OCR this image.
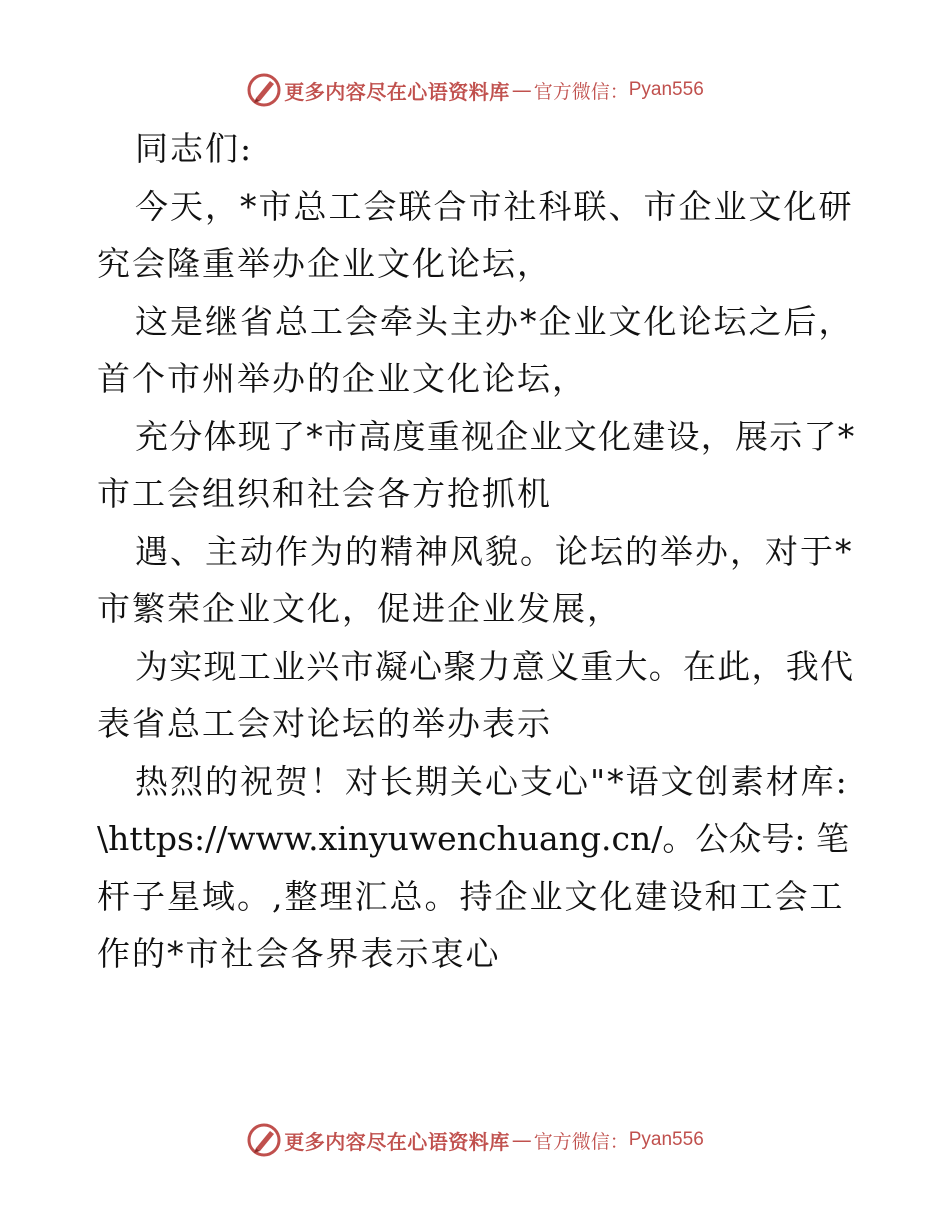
更多内容尽在心语资料库 — 官方微信： Pyan556
同志们:
今天，*市总工会联合市社科联、市企业文化研
究会隆重举办企业文化论坛，
这是继省总工会牵头主办*企业文化论坛之后，
首个市州举办的企业文化论坛，
充分体现了*市高度重视企业文化建设，展示了*
市工会组织和社会各方抢抓机
遇、主动作为的精神风貌。论坛的举办，对于*
市繁荣企业文化，促进企业发展，
为实现工业兴市凝心聚力意义重大。在此，我代
表省总工会对论坛的举办表示
热烈的祝贺！对长期关心支心"*语文创素材库:
\https://www.xinyuwenchuang.cn/。公众号: 笔
杆子星域。,整理汇总。持企业文化建设和工会工
作的*市社会各界表示衷心
更多内容尽在心语资料库 — 官方微信： Pyan556
